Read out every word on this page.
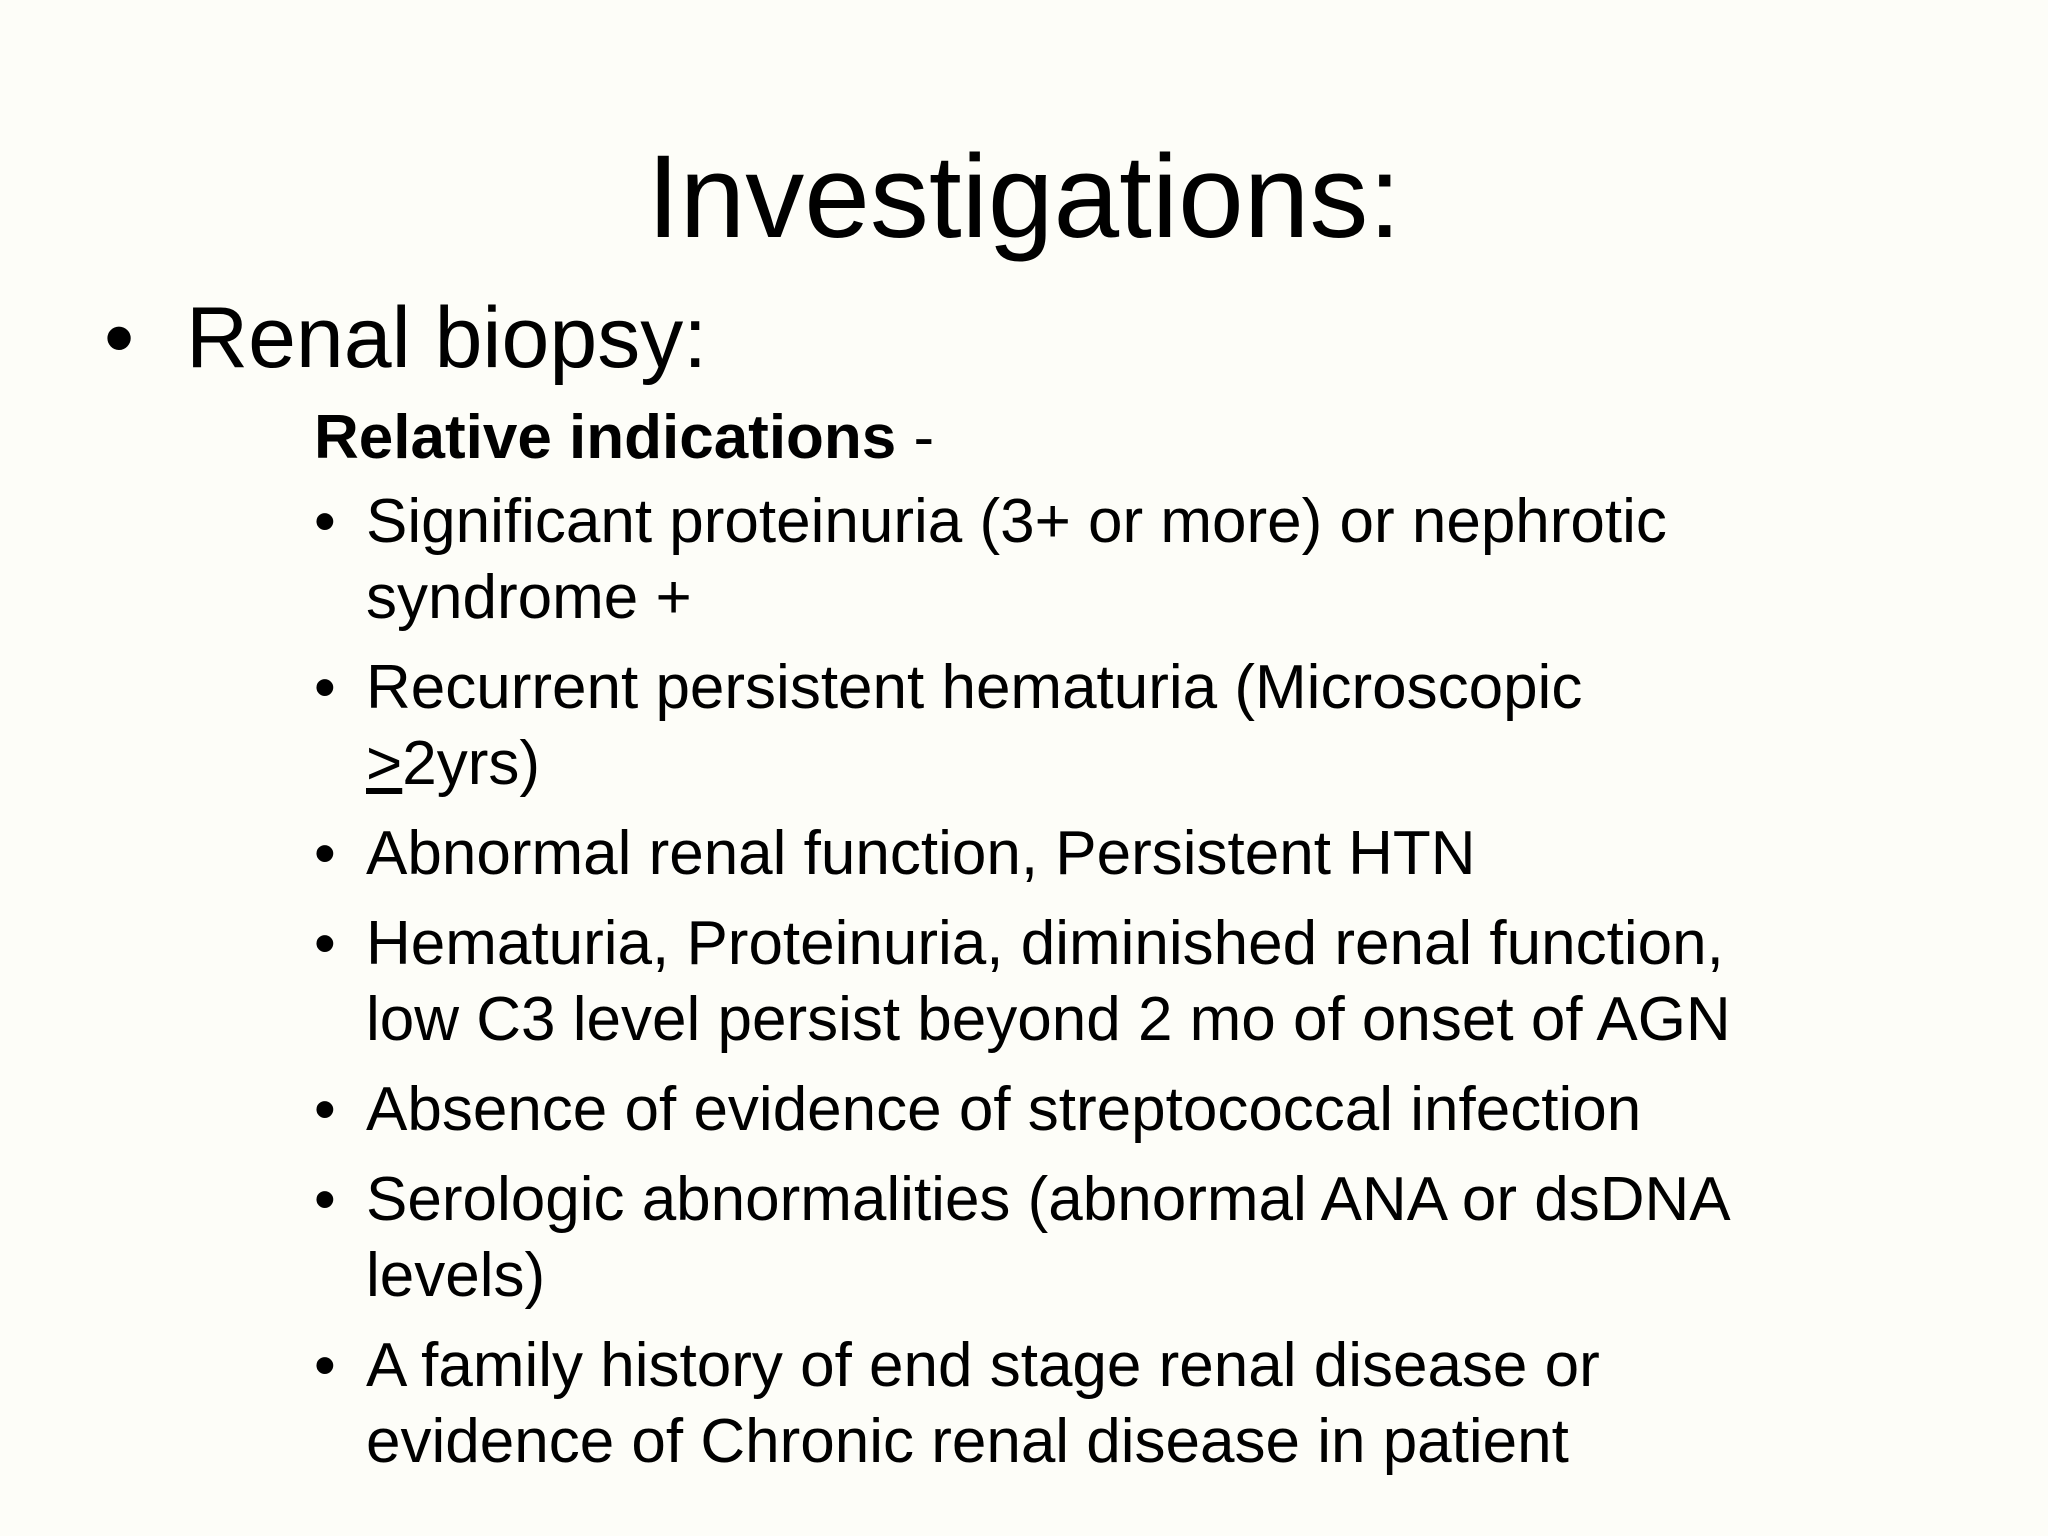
Investigations:
• Renal biopsy:
Relative indications -
• Significant proteinuria (3+ or more) or nephrotic
syndrome +
• Recurrent persistent hematuria (Microscopic
>2yrs)
• Abnormal renal function, Persistent HTN
• Hematuria, Proteinuria, diminished renal function,
low C3 level persist beyond 2 mo of onset of AGN
• Absence of evidence of streptococcal infection
• Serologic abnormalities (abnormal ANA or dsDNA
levels)
• A family history of end stage renal disease or
evidence of Chronic renal disease in patient
